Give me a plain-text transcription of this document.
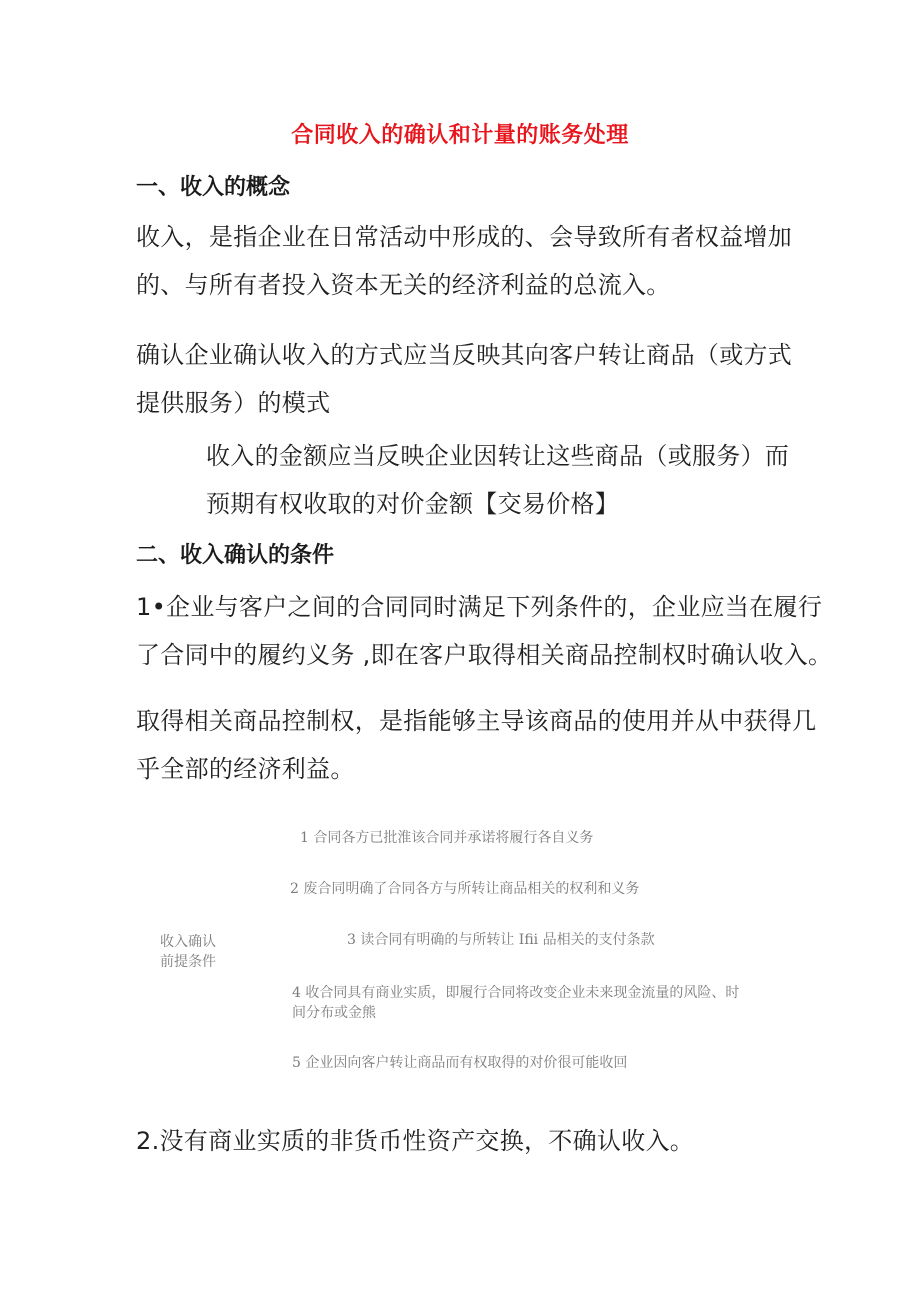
合同收入的确认和计量的账务处理
一、收入的概念
收入，是指企业在日常活动中形成的、会导致所有者权益增加
的、与所有者投入资本无关的经济利益的总流入。
确认企业确认收入的方式应当反映其向客户转让商品（或方式
提供服务）的模式
收入的金额应当反映企业因转让这些商品（或服务）而
预期有权收取的对价金额【交易价格】
二、收入确认的条件
1•企业与客户之间的合同同时满足下列条件的，企业应当在履行
了合同中的履约义务 ,即在客户取得相关商品控制权时确认收入。
取得相关商品控制权，是指能够主导该商品的使用并从中获得几
乎全部的经济利益。
收入确认
前提条件
1 合同各方已批淮该合同并承诺将履行各自义务
2 废合同明确了合同各方与所转让商品相关的权利和义务
3 读合同有明确的与所转让 Ifii 品相关的支付条款
4 收合同具有商业实质，即履行合同将改变企业未来现金流量的风险、时
间分布或金熊
5 企业因向客户转让商品而有权取得的对价很可能收回
2.没有商业实质的非货币性资产交换，不确认收入。
